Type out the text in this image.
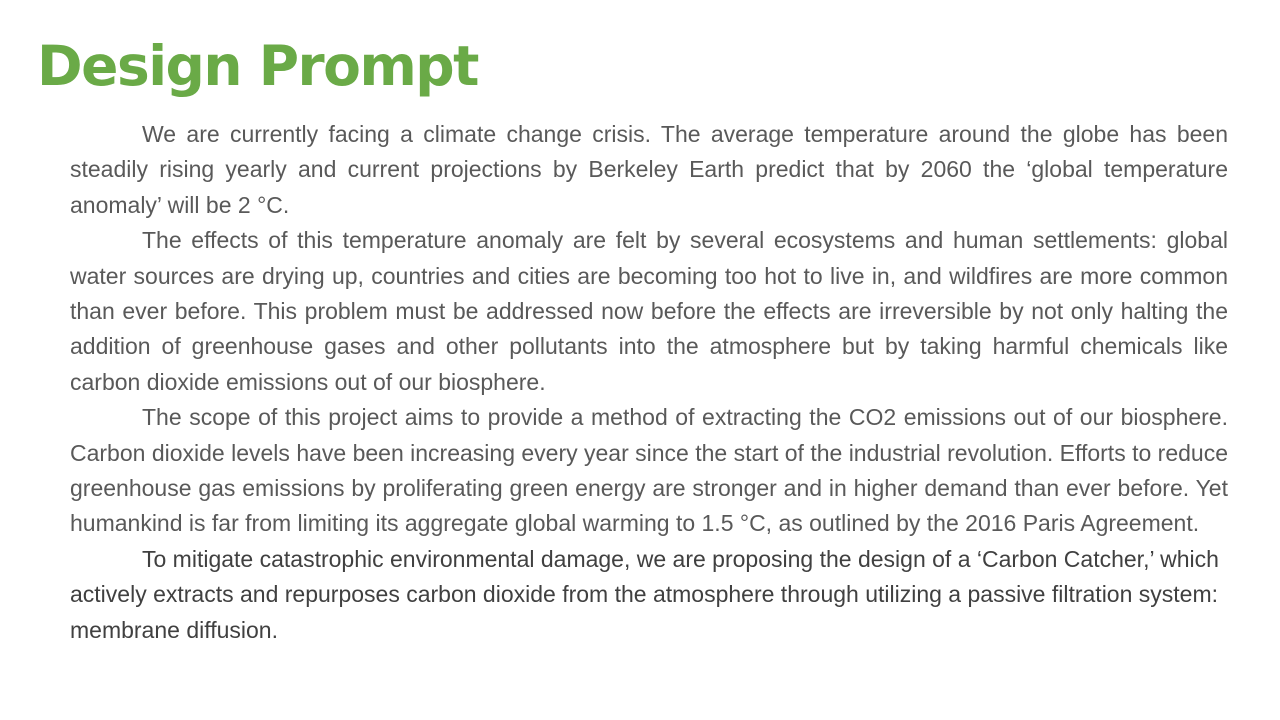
Design Prompt

We are currently facing a climate change crisis. The average temperature around the globe has been steadily rising yearly and current projections by Berkeley Earth predict that by 2060 the ‘global temperature anomaly’ will be 2 °C.

The effects of this temperature anomaly are felt by several ecosystems and human settlements: global water sources are drying up, countries and cities are becoming too hot to live in, and wildfires are more common than ever before. This problem must be addressed now before the effects are irreversible by not only halting the addition of greenhouse gases and other pollutants into the atmosphere but by taking harmful chemicals like carbon dioxide emissions out of our biosphere.

The scope of this project aims to provide a method of extracting the CO2 emissions out of our biosphere. Carbon dioxide levels have been increasing every year since the start of the industrial revolution. Efforts to reduce greenhouse gas emissions by proliferating green energy are stronger and in higher demand than ever before. Yet humankind is far from limiting its aggregate global warming to 1.5 °C, as outlined by the 2016 Paris Agreement.

To mitigate catastrophic environmental damage, we are proposing the design of a ‘Carbon Catcher,’ which actively extracts and repurposes carbon dioxide from the atmosphere through utilizing a passive filtration system: membrane diffusion.
